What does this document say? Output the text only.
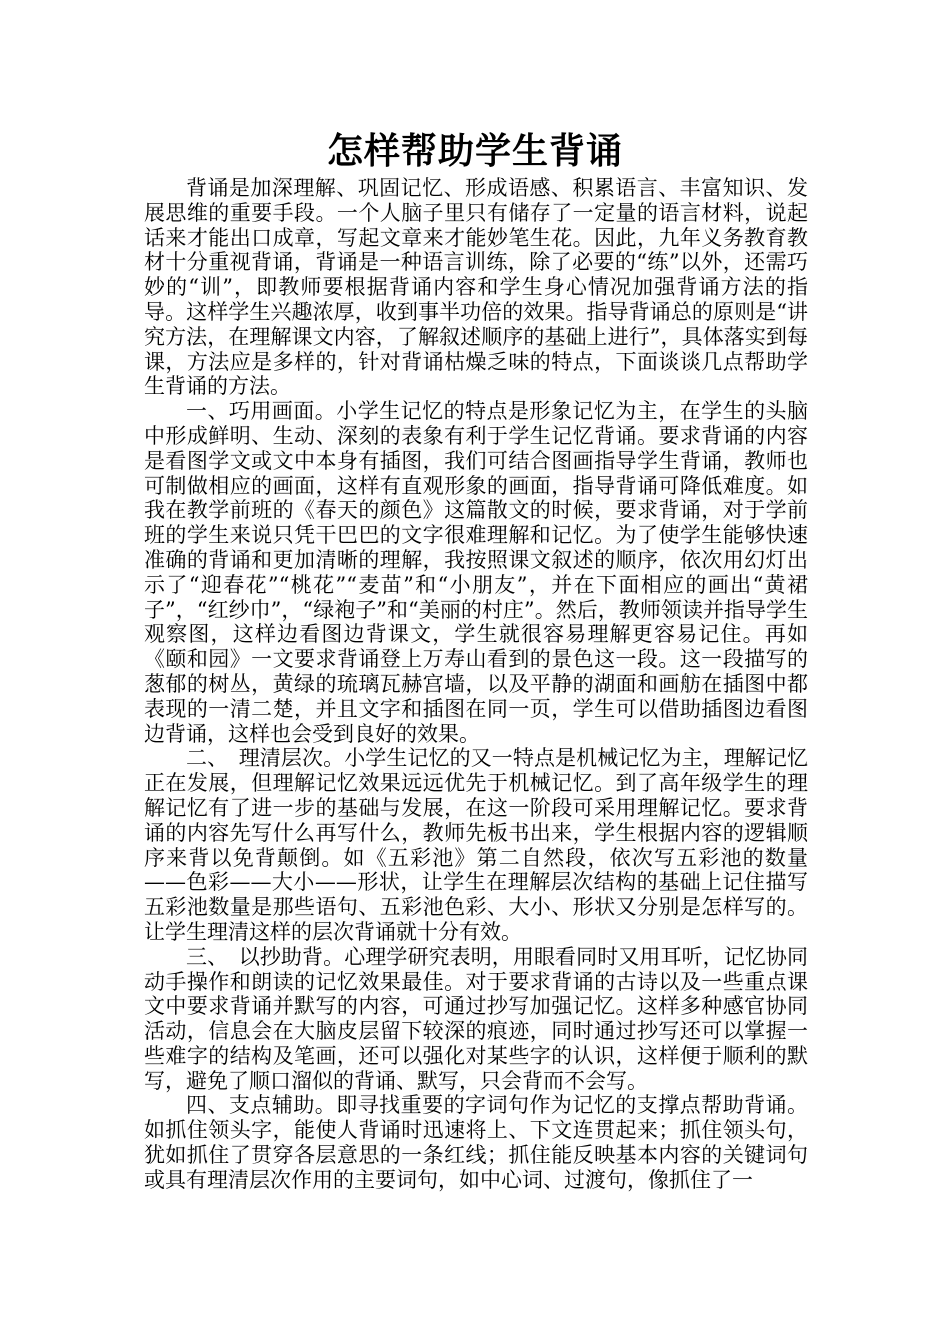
怎样帮助学生背诵

背诵是加深理解、巩固记忆、形成语感、积累语言、丰富知识、发展思维的重要手段。一个人脑子里只有储存了一定量的语言材料，说起话来才能出口成章，写起文章来才能妙笔生花。因此，九年义务教育教材十分重视背诵，背诵是一种语言训练，除了必要的“练”以外，还需巧妙的“训”，即教师要根据背诵内容和学生身心情况加强背诵方法的指导。这样学生兴趣浓厚，收到事半功倍的效果。指导背诵总的原则是“讲究方法，在理解课文内容，了解叙述顺序的基础上进行”，具体落实到每课，方法应是多样的，针对背诵枯燥乏味的特点，下面谈谈几点帮助学生背诵的方法。

一、巧用画面。小学生记忆的特点是形象记忆为主，在学生的头脑中形成鲜明、生动、深刻的表象有利于学生记忆背诵。要求背诵的内容是看图学文或文中本身有插图，我们可结合图画指导学生背诵，教师也可制做相应的画面，这样有直观形象的画面，指导背诵可降低难度。如我在教学前班的《春天的颜色》这篇散文的时候，要求背诵，对于学前班的学生来说只凭干巴巴的文字很难理解和记忆。为了使学生能够快速准确的背诵和更加清晰的理解，我按照课文叙述的顺序，依次用幻灯出示了“迎春花”“桃花”“麦苗”和“小朋友”，并在下面相应的画出“黄裙子”，“红纱巾”，“绿袍子”和“美丽的村庄”。然后，教师领读并指导学生观察图，这样边看图边背课文，学生就很容易理解更容易记住。再如《颐和园》一文要求背诵登上万寿山看到的景色这一段。这一段描写的葱郁的树丛，黄绿的琉璃瓦赫宫墙，以及平静的湖面和画舫在插图中都表现的一清二楚，并且文字和插图在同一页，学生可以借助插图边看图边背诵，这样也会受到良好的效果。

二、　理清层次。小学生记忆的又一特点是机械记忆为主，理解记忆正在发展，但理解记忆效果远远优先于机械记忆。到了高年级学生的理解记忆有了进一步的基础与发展，在这一阶段可采用理解记忆。要求背诵的内容先写什么再写什么，教师先板书出来，学生根据内容的逻辑顺序来背以免背颠倒。如《五彩池》第二自然段，依次写五彩池的数量——色彩——大小——形状，让学生在理解层次结构的基础上记住描写五彩池数量是那些语句、五彩池色彩、大小、形状又分别是怎样写的。让学生理清这样的层次背诵就十分有效。

三、　以抄助背。心理学研究表明，用眼看同时又用耳听，记忆协同动手操作和朗读的记忆效果最佳。对于要求背诵的古诗以及一些重点课文中要求背诵并默写的内容，可通过抄写加强记忆。这样多种感官协同活动，信息会在大脑皮层留下较深的痕迹，同时通过抄写还可以掌握一些难字的结构及笔画，还可以强化对某些字的认识，这样便于顺利的默写，避免了顺口溜似的背诵、默写，只会背而不会写。

四、支点辅助。即寻找重要的字词句作为记忆的支撑点帮助背诵。如抓住领头字，能使人背诵时迅速将上、下文连贯起来；抓住领头句，犹如抓住了贯穿各层意思的一条红线；抓住能反映基本内容的关键词句或具有理清层次作用的主要词句，如中心词、过渡句，像抓住了一
